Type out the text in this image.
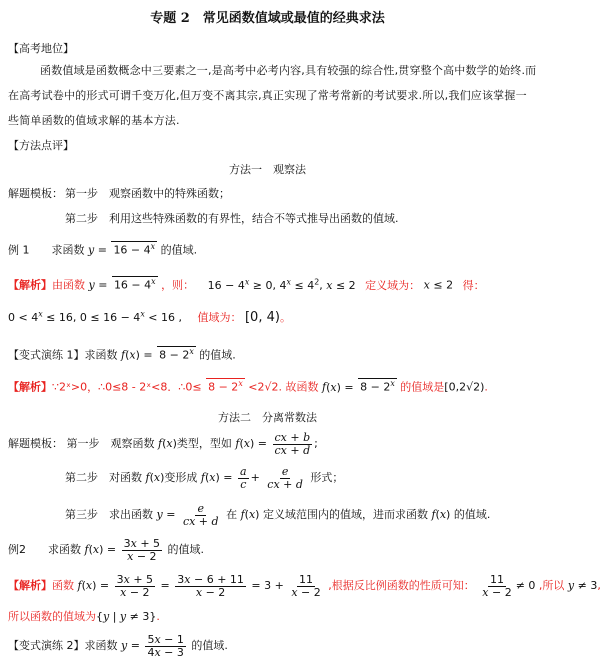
专题 2　常见函数值域或最值的经典求法
【高考地位】
函数值域是函数概念中三要素之一,是高考中必考内容,具有较强的综合性,贯穿整个高中数学的始终.而
在高考试卷中的形式可谓千变万化,但万变不离其宗,真正实现了常考常新的考试要求.所以,我们应该掌握一
些简单函数的值域求解的基本方法.
【方法点评】
方法一　观察法
解题模板： 第一步　观察函数中的特殊函数；
第二步　利用这些特殊函数的有界性，结合不等式推导出函数的值域.
例 1　　求函数 $y = 16 - 4^x$ 的值域.
【解析】由函数 $y = 16 - 4^x$ ，则： $16 - 4^x \ge 0$, $4^x \le 4^2$, x ≤ 2 定义域为： x ≤ 2 得：
$0 < 4^x \le 16$, $0 \le 16 - 4^x < 16$ , 值域为： [0, 4)。
【变式演练 1】求函数 $f(x) = 8 - 2^x$ 的值域.
【解析】∵2ˣ>0，∴0≤8 - 2ˣ<8．∴0≤ $8 - 2^x <2√2$. 故函数 $f(x) = 8 - 2^x$ 的值域是[0,2√2).
方法二　分离常数法
解题模板： 第一步　观察函数 f(x)类型，型如 $f(x) = \frac{cx + b}{cx + d}$ ;
第二步　对函数 f(x)变形成 $f(x) = \frac{a}{c} + \frac{e}{cx + d}$ 形式；
第三步　求出函数 $y = \frac{e}{cx + d}$ 在 f(x) 定义域范围内的值域，进而求函数 f(x) 的值域.
例2　　求函数 $f(x) = \frac{3x + 5}{x - 2}$ 的值域.
【解析】函数 $f(x) = \frac{3x + 5}{x - 2} = \frac{3x - 6 + 11}{x - 2} = 3 + \frac{11}{x - 2}$ ,根据反比例函数的性质可知： $\frac{11}{x - 2} \ne 0$ ,所以 y ≠ 3,
所以函数的值域为{y | y ≠ 3}.
【变式演练 2】求函数 $y = \frac{5x - 1}{4x - 3}$ 的值域.
